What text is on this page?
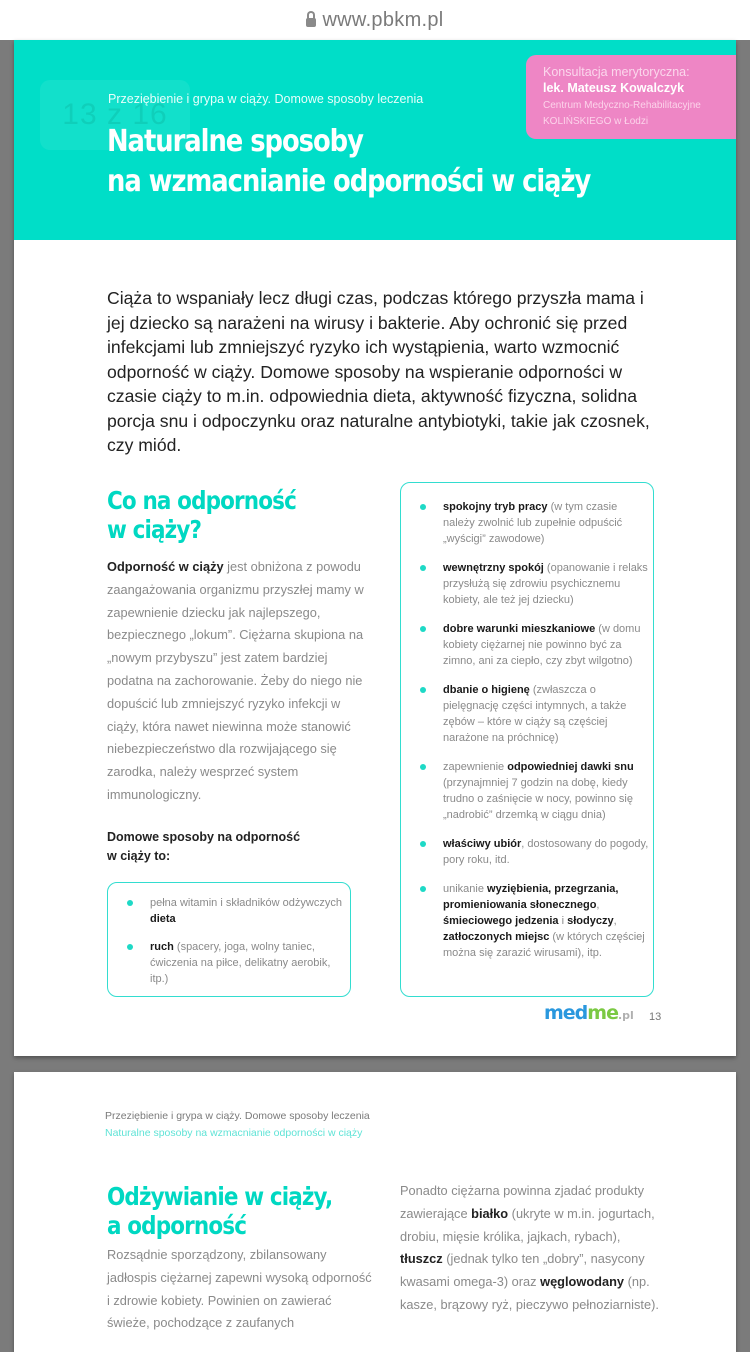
www.pbkm.pl
Przeziębienie i grypa w ciąży. Domowe sposoby leczenia
Naturalne sposoby
na wzmacnianie odporności w ciąży
13 z 16
Konsultacja merytoryczna:
lek. Mateusz Kowalczyk
Centrum Medyczno-Rehabilitacyjne
KOLIŃSKIEGO w Łodzi
Ciąża to wspaniały lecz długi czas, podczas którego przyszła mama i jej dziecko są narażeni na wirusy i bakterie. Aby ochronić się przed infekcjami lub zmniejszyć ryzyko ich wystąpienia, warto wzmocnić odporność w ciąży. Domowe sposoby na wspieranie odporności w czasie ciąży to m.in. odpowiednia dieta, aktywność fizyczna, solidna porcja snu i odpoczynku oraz naturalne antybiotyki, takie jak czosnek, czy miód.
Co na odporność
w ciąży?
Odporność w ciąży jest obniżona z powodu zaangażowania organizmu przyszłej mamy w zapewnienie dziecku jak najlepszego, bezpiecznego „lokum”. Ciężarna skupiona na „nowym przybyszu” jest zatem bardziej podatna na zachorowanie. Żeby do niego nie dopuścić lub zmniejszyć ryzyko infekcji w ciąży, która nawet niewinna może stanowić niebezpieczeństwo dla rozwijającego się zarodka, należy wesprzeć system immunologiczny.
Domowe sposoby na odporność
w ciąży to:
pełna witamin i składników odżywczych dieta
ruch (spacery, joga, wolny taniec, ćwiczenia na piłce, delikatny aerobik, itp.)
spokojny tryb pracy (w tym czasie należy zwolnić lub zupełnie odpuścić „wyścigi” zawodowe)
wewnętrzny spokój (opanowanie i relaks przysłużą się zdrowiu psychicznemu kobiety, ale też jej dziecku)
dobre warunki mieszkaniowe (w domu kobiety ciężarnej nie powinno być za zimno, ani za ciepło, czy zbyt wilgotno)
dbanie o higienę (zwłaszcza o pielęgnację części intymnych, a także zębów – które w ciąży są częściej narażone na próchnicę)
zapewnienie odpowiedniej dawki snu (przynajmniej 7 godzin na dobę, kiedy trudno o zaśnięcie w nocy, powinno się „nadrobić” drzemką w ciągu dnia)
właściwy ubiór, dostosowany do pogody, pory roku, itd.
unikanie wyziębienia, przegrzania, promieniowania słonecznego, śmieciowego jedzenia i słodyczy, zatłoczonych miejsc (w których częściej można się zarazić wirusami), itp.
medme.pl 13
Przeziębienie i grypa w ciąży. Domowe sposoby leczenia
Naturalne sposoby na wzmacnianie odporności w ciąży
Odżywianie w ciąży,
a odporność
Rozsądnie sporządzony, zbilansowany jadłospis ciężarnej zapewni wysoką odporność i zdrowie kobiety. Powinien on zawierać świeże, pochodzące z zaufanych
Ponadto ciężarna powinna zjadać produkty zawierające białko (ukryte w m.in. jogurtach, drobiu, mięsie królika, jajkach, rybach), tłuszcz (jednak tylko ten „dobry”, nasycony kwasami omega-3) oraz węglowodany (np. kasze, brązowy ryż, pieczywo pełnoziarniste).
